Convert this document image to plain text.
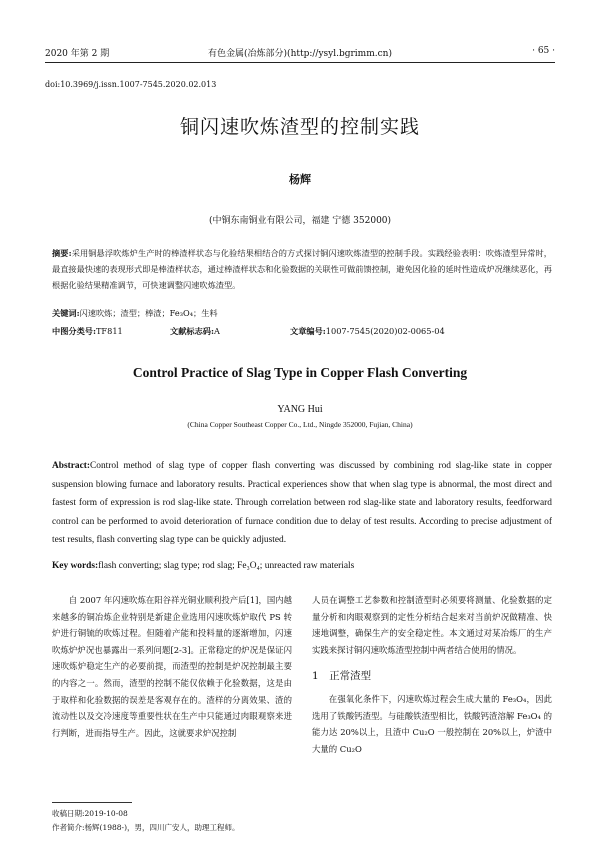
2020 年第 2 期	有色金属(冶炼部分)(http://ysyl.bgrimm.cn)	· 65 ·
doi:10.3969/j.issn.1007-7545.2020.02.013
铜闪速吹炼渣型的控制实践
杨辉
(中铜东南铜业有限公司，福建 宁德 352000)
摘要:采用铜悬浮吹炼炉生产时的棒渣样状态与化验结果相结合的方式探讨铜闪速吹炼渣型的控制手段。实践经验表明：吹炼渣型异常时，最直接最快速的表现形式即是棒渣样状态，通过棒渣样状态和化验数据的关联性可做前馈控制，避免因化验的延时性造成炉况继续恶化，再根据化验结果精准调节，可快速调整闪速吹炼渣型。
关键词:闪速吹炼；渣型；棒渣；Fe₃O₄；生料
中图分类号: TF811	文献标志码: A	文章编号: 1007-7545(2020)02-0065-04
Control Practice of Slag Type in Copper Flash Converting
YANG Hui
(China Copper Southeast Copper Co., Ltd., Ningde 352000, Fujian, China)
Abstract:Control method of slag type of copper flash converting was discussed by combining rod slag-like state in copper suspension blowing furnace and laboratory results. Practical experiences show that when slag type is abnormal, the most direct and fastest form of expression is rod slag-like state. Through correlation between rod slag-like state and laboratory results, feedforward control can be performed to avoid deterioration of furnace condition due to delay of test results. According to precise adjustment of test results, flash converting slag type can be quickly adjusted.
Key words:flash converting; slag type; rod slag; Fe₃O₄; unreacted raw materials
自 2007 年闪速吹炼在阳谷祥光铜业顺利投产后[1]，国内越来越多的铜冶炼企业特别是新建企业选用闪速吹炼炉取代 PS 转炉进行铜锍的吹炼过程。但随着产能和投料量的逐渐增加，闪速吹炼炉炉况也暴露出一系列问题[2-3]。正常稳定的炉况是保证闪速吹炼炉稳定生产的必要前提，而渣型的控制是炉况控制最主要的内容之一。然而，渣型的控制不能仅依赖于化验数据，这是由于取样和化验数据的误差是客观存在的。渣样的分离效果、渣的流动性以及交冷速度等重要性状在生产中只能通过肉眼观察来进行判断，进而指导生产。因此，这就要求炉况控制
人员在调整工艺参数和控制渣型时必须要将测量、化验数据的定量分析和肉眼观察到的定性分析结合起来对当前炉况做精准、快速地调整，确保生产的安全稳定性。本文通过对某冶炼厂的生产实践来探讨铜闪速吹炼渣型控制中两者结合使用的情况。
1　正常渣型
在强氧化条件下，闪速吹炼过程会生成大量的 Fe₃O₄，因此选用了铁酸钙渣型。与硅酸铁渣型相比，铁酸钙渣溶解 Fe₃O₄ 的能力达 20%以上，且渣中 Cu₂O 一般控制在 20%以上，炉渣中大量的 Cu₂O
收稿日期:2019-10-08
作者简介:杨辉(1988-)，男，四川广安人，助理工程师。
